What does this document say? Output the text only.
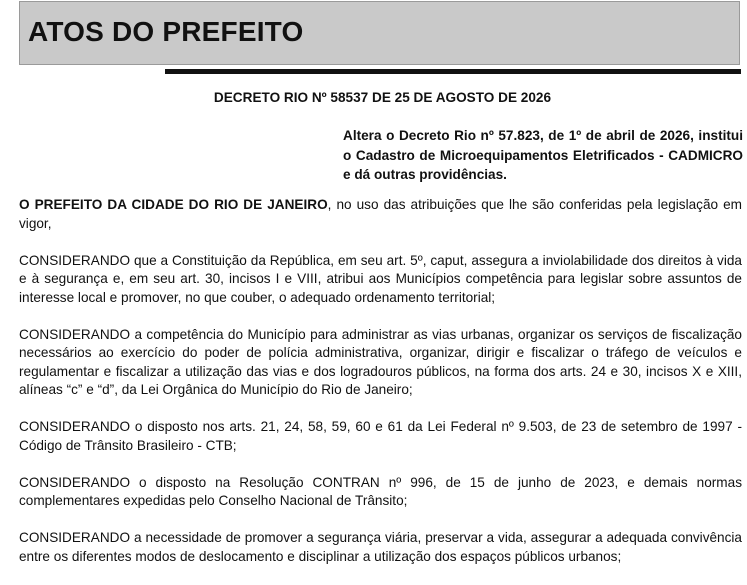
ATOS DO PREFEITO
DECRETO RIO Nº 58537 DE 25 DE AGOSTO DE 2026
Altera o Decreto Rio nº 57.823, de 1º de abril de 2026, institui o Cadastro de Microequipamentos Eletrificados - CADMICRO e dá outras providências.

O PREFEITO DA CIDADE DO RIO DE JANEIRO, no uso das atribuições que lhe são conferidas pela legislação em vigor,

CONSIDERANDO que a Constituição da República, em seu art. 5º, caput, assegura a inviolabilidade dos direitos à vida e à segurança e, em seu art. 30, incisos I e VIII, atribui aos Municípios competência para legislar sobre assuntos de interesse local e promover, no que couber, o adequado ordenamento territorial;

CONSIDERANDO a competência do Município para administrar as vias urbanas, organizar os serviços de fiscalização necessários ao exercício do poder de polícia administrativa, organizar, dirigir e fiscalizar o tráfego de veículos e regulamentar e fiscalizar a utilização das vias e dos logradouros públicos, na forma dos arts. 24 e 30, incisos X e XIII, alíneas “c” e “d”, da Lei Orgânica do Município do Rio de Janeiro;

CONSIDERANDO o disposto nos arts. 21, 24, 58, 59, 60 e 61 da Lei Federal nº 9.503, de 23 de setembro de 1997 - Código de Trânsito Brasileiro - CTB;

CONSIDERANDO o disposto na Resolução CONTRAN nº 996, de 15 de junho de 2023, e demais normas complementares expedidas pelo Conselho Nacional de Trânsito;

CONSIDERANDO a necessidade de promover a segurança viária, preservar a vida, assegurar a adequada convivência entre os diferentes modos de deslocamento e disciplinar a utilização dos espaços públicos urbanos;
